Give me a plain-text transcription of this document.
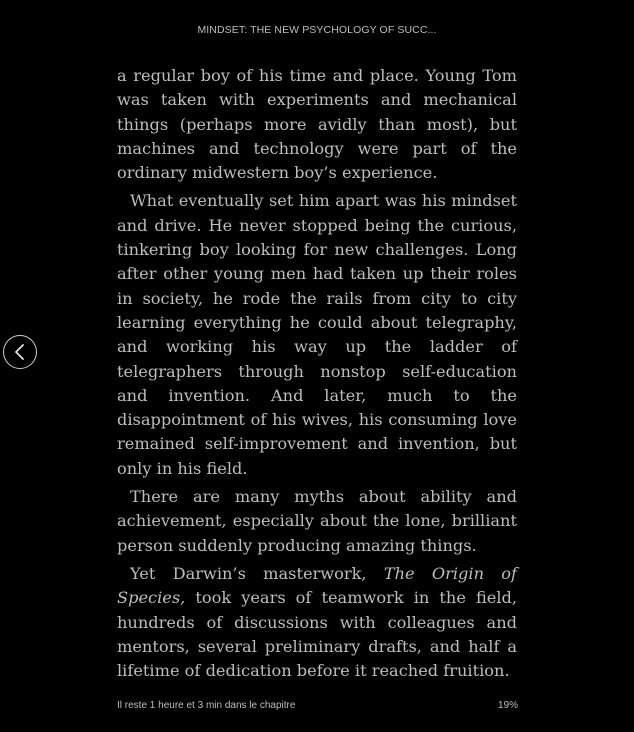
MINDSET: THE NEW PSYCHOLOGY OF SUCC...

a regular boy of his time and place. Young Tom was taken with experiments and mechanical things (perhaps more avidly than most), but machines and technology were part of the ordinary midwestern boy’s experience.

What eventually set him apart was his mindset and drive. He never stopped being the curious, tinkering boy looking for new challenges. Long after other young men had taken up their roles in society, he rode the rails from city to city learning everything he could about telegraphy, and working his way up the ladder of telegraphers through nonstop self-education and invention. And later, much to the disappointment of his wives, his consuming love remained self-improvement and invention, but only in his field.

There are many myths about ability and achievement, especially about the lone, brilliant person suddenly producing amazing things.

Yet Darwin’s masterwork, The Origin of Species, took years of teamwork in the field, hundreds of discussions with colleagues and mentors, several preliminary drafts, and half a lifetime of dedication before it reached fruition.

Il reste 1 heure et 3 min dans le chapitre	19%
